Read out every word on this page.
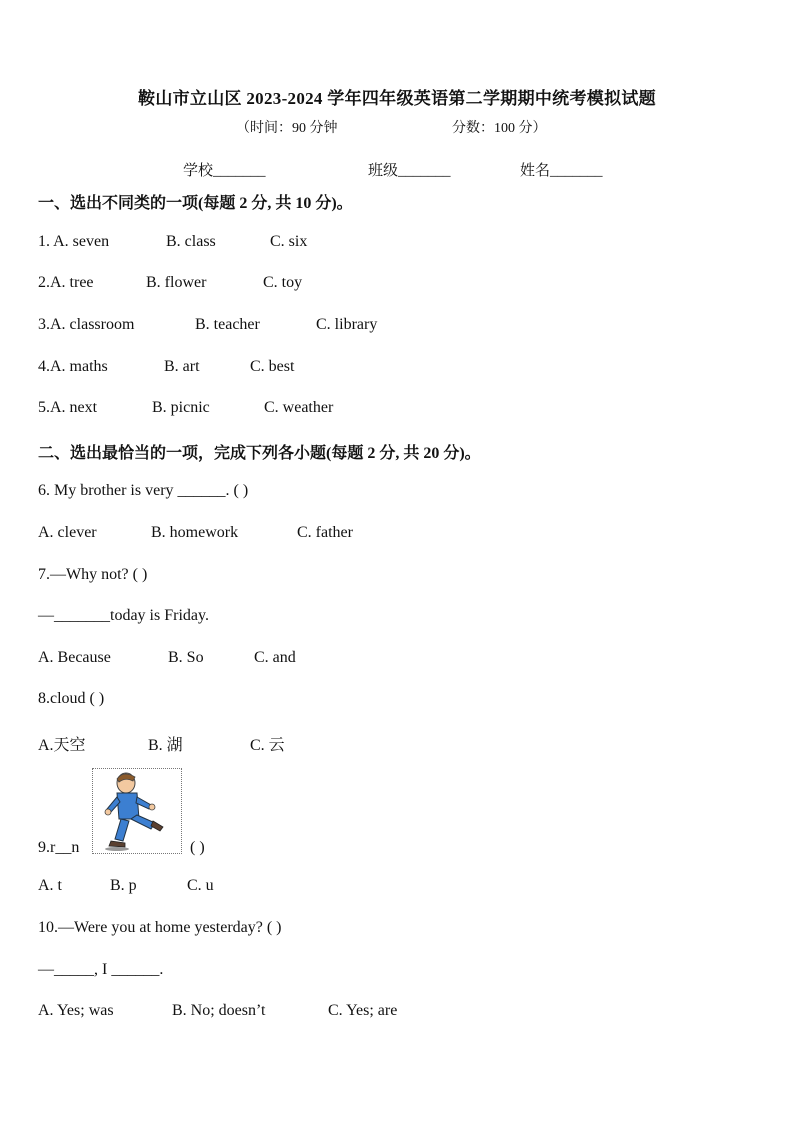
鞍山市立山区 2023-2024 学年四年级英语第二学期期中统考模拟试题
（时间：90 分钟	分数：100 分）
学校_______	班级_______	姓名_______
一、选出不同类的一项(每题 2 分, 共 10 分)。
1. A. seven	B. class	C. six
2.A. tree	B. flower	C. toy
3.A. classroom	B. teacher	C. library
4.A. maths	B. art	C. best
5.A. next	B. picnic	C. weather
二、选出最恰当的一项，完成下列各小题(每题 2 分, 共 20 分)。
6. My brother is very ______. ( )
A. clever	B. homework	C. father
7.—Why not? ( )
—_______today is Friday.
A. Because	B. So	C. and
8.cloud ( )
A.天空	B. 湖	C. 云
9.r__n	( )
A. t	B. p	C. u
10.—Were you at home yesterday? ( )
—_____, I ______.
A. Yes; was	B. No; doesn’t	C. Yes; are
